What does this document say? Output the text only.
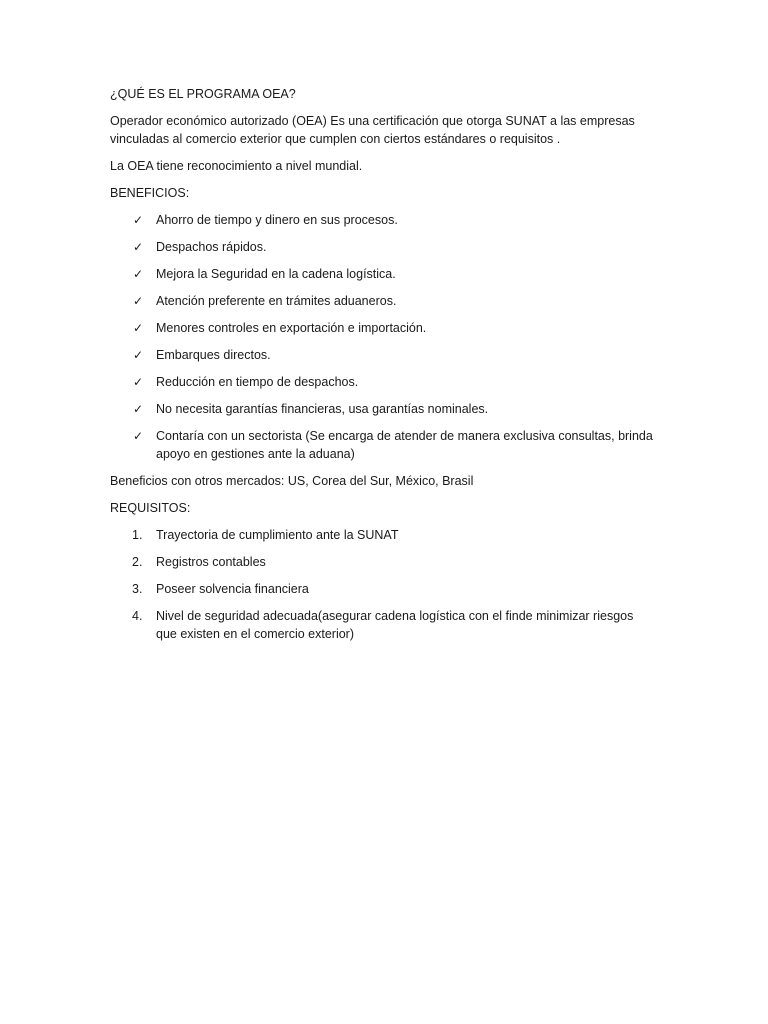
¿QUÉ ES EL PROGRAMA OEA?

Operador económico autorizado (OEA) Es una certificación que otorga SUNAT a las empresas vinculadas al comercio exterior que cumplen con ciertos estándares o requisitos .

La OEA tiene reconocimiento a nivel mundial.

BENEFICIOS:

✓ Ahorro de tiempo y dinero en sus procesos.
✓ Despachos rápidos.
✓ Mejora la Seguridad en la cadena logística.
✓ Atención preferente en trámites aduaneros.
✓ Menores controles en exportación e importación.
✓ Embarques directos.
✓ Reducción en tiempo de despachos.
✓ No necesita garantías financieras, usa garantías nominales.
✓ Contaría con un sectorista (Se encarga de atender de manera exclusiva consultas, brinda apoyo en gestiones ante la aduana)

Beneficios con otros mercados: US, Corea del Sur, México, Brasil

REQUISITOS:

1. Trayectoria de cumplimiento ante la SUNAT
2. Registros contables
3. Poseer solvencia financiera
4. Nivel de seguridad adecuada(asegurar cadena logística con el finde minimizar riesgos que existen en el comercio exterior)
